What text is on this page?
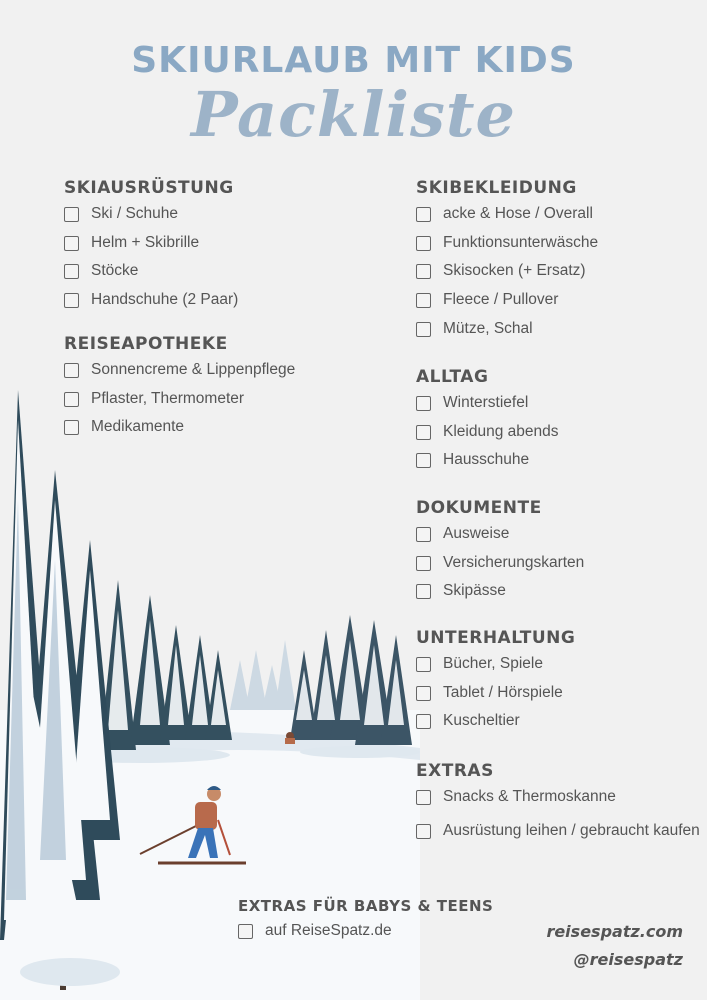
SKIURLAUB MIT KIDS
Packliste
SKIAUSRÜSTUNG
Ski / Schuhe
Helm + Skibrille
Stöcke
Handschuhe (2 Paar)
REISEAPOTHEKE
Sonnencreme & Lippenpflege
Pflaster, Thermometer
Medikamente
SKIBEKLEIDUNG
acke & Hose / Overall
Funktionsunterwäsche
Skisocken (+ Ersatz)
Fleece / Pullover
Mütze, Schal
ALLTAG
Winterstiefel
Kleidung abends
Hausschuhe
DOKUMENTE
Ausweise
Versicherungskarten
Skipässe
UNTERHALTUNG
Bücher, Spiele
Tablet / Hörspiele
Kuscheltier
EXTRAS
Snacks & Thermoskanne
Ausrüstung leihen / gebraucht kaufen
EXTRAS FÜR BABYS & TEENS
auf ReiseSpatz.de	reisespatz.com
@reisespatz
